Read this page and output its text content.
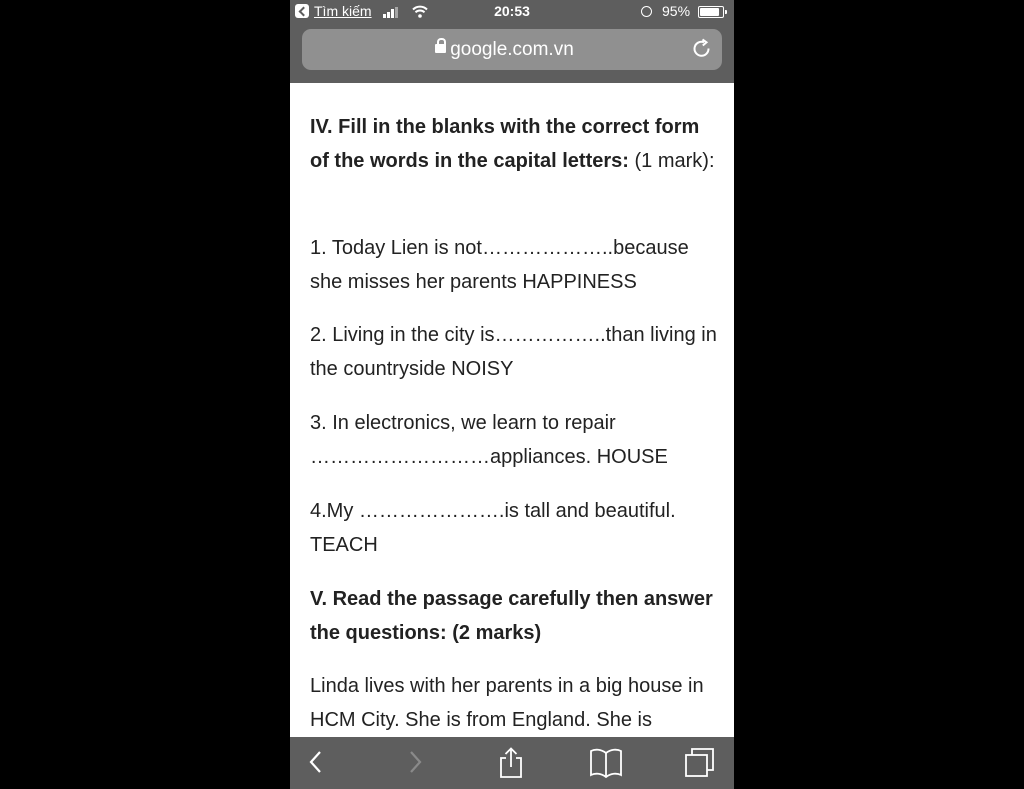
Tìm kiếm	20:53	95%
google.com.vn

IV. Fill in the blanks with the correct form of the words in the capital letters: (1 mark):

1. Today Lien is not………………..because she misses her parents HAPPINESS

2. Living in the city is……………..than living in the countryside NOISY

3. In electronics, we learn to repair ………………………appliances. HOUSE

4.My ………………….is tall and beautiful. TEACH

V. Read the passage carefully then answer the questions: (2 marks)

Linda lives with her parents in a big house in HCM City. She is from England. She is
